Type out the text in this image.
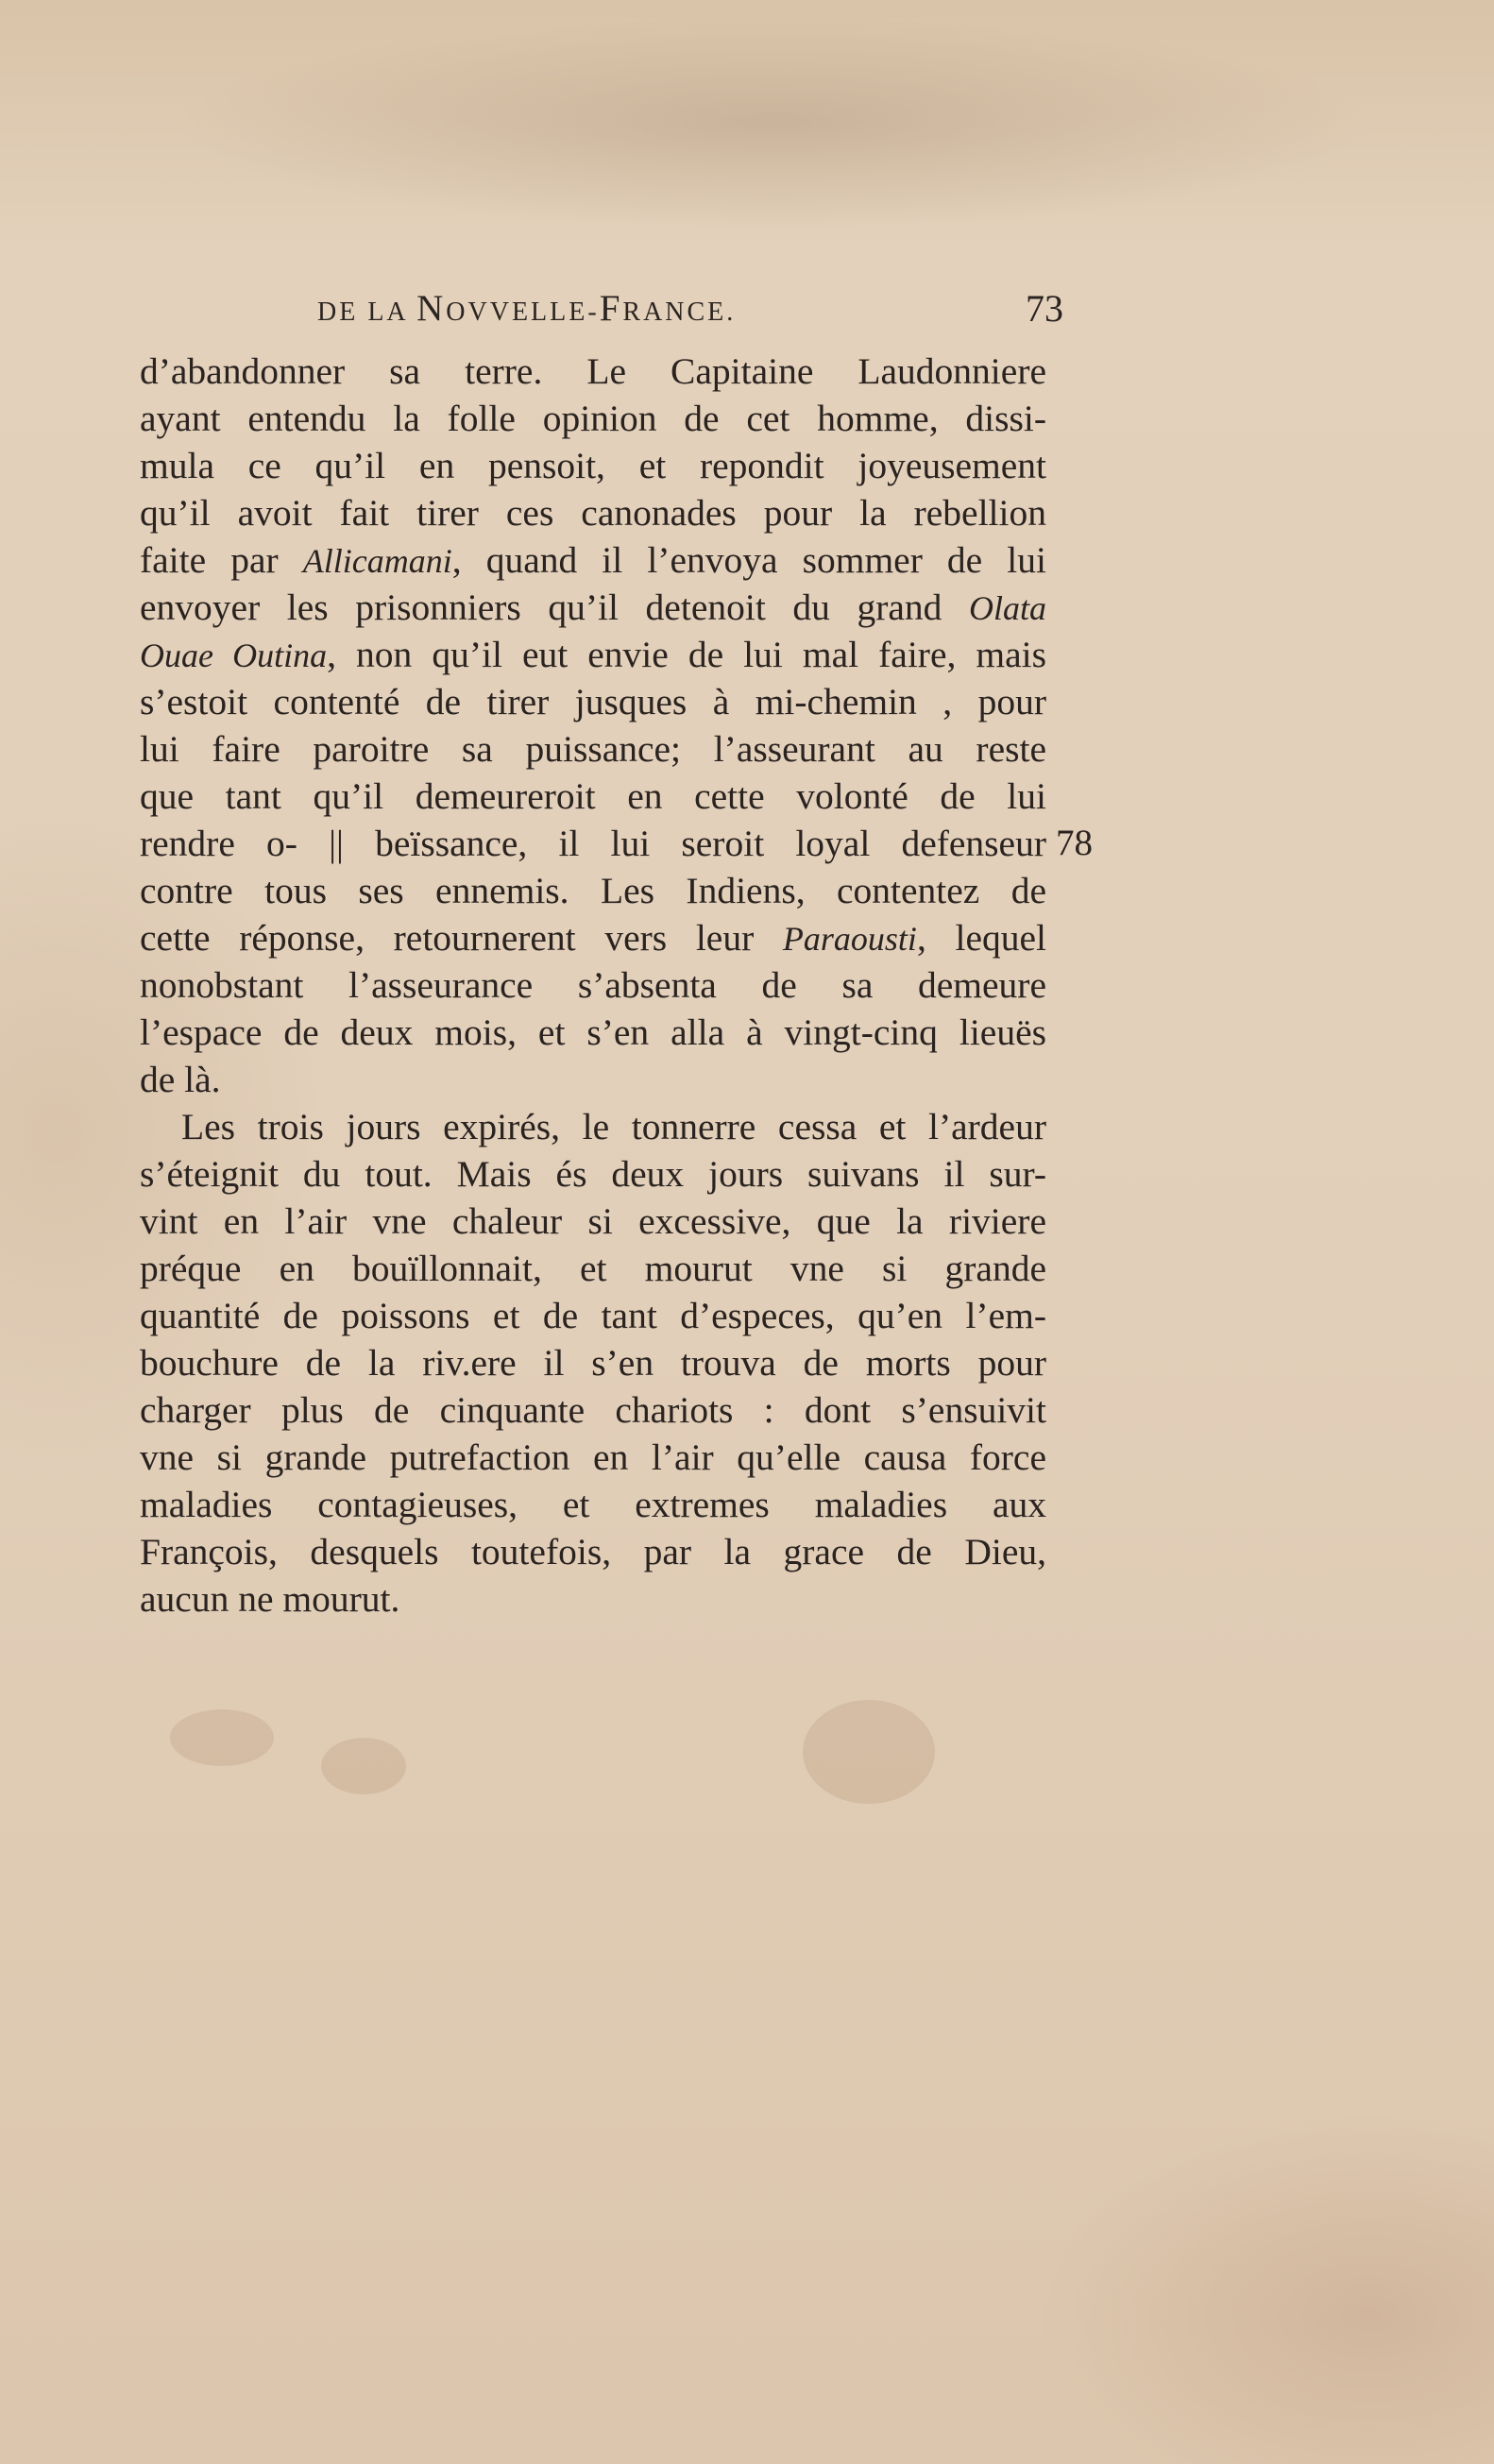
DE LA NOVVELLE-FRANCE.	73
d’abandonner sa terre. Le Capitaine Laudonniere
ayant entendu la folle opinion de cet homme, dissi-
mula ce qu’il en pensoit, et repondit joyeusement
qu’il avoit fait tirer ces canonades pour la rebellion
faite par Allicamani, quand il l’envoya sommer de lui
envoyer les prisonniers qu’il detenoit du grand Olata
Ouae Outina, non qu’il eut envie de lui mal faire, mais
s’estoit contenté de tirer jusques à mi-chemin , pour
lui faire paroitre sa puissance; l’asseurant au reste
que tant qu’il demeureroit en cette volonté de lui
rendre o- || beïssance, il lui seroit loyal defenseur
contre tous ses ennemis. Les Indiens, contentez de
cette réponse, retournerent vers leur Paraousti, lequel
nonobstant l’asseurance s’absenta de sa demeure
l’espace de deux mois, et s’en alla à vingt-cinq lieuës
de là.
Les trois jours expirés, le tonnerre cessa et l’ardeur
s’éteignit du tout. Mais és deux jours suivans il sur-
vint en l’air vne chaleur si excessive, que la riviere
préque en bouïllonnait, et mourut vne si grande
quantité de poissons et de tant d’especes, qu’en l’em-
bouchure de la riv.ere il s’en trouva de morts pour
charger plus de cinquante chariots : dont s’ensuivit
vne si grande putrefaction en l’air qu’elle causa force
maladies contagieuses, et extremes maladies aux
François, desquels toutefois, par la grace de Dieu,
aucun ne mourut.
78
